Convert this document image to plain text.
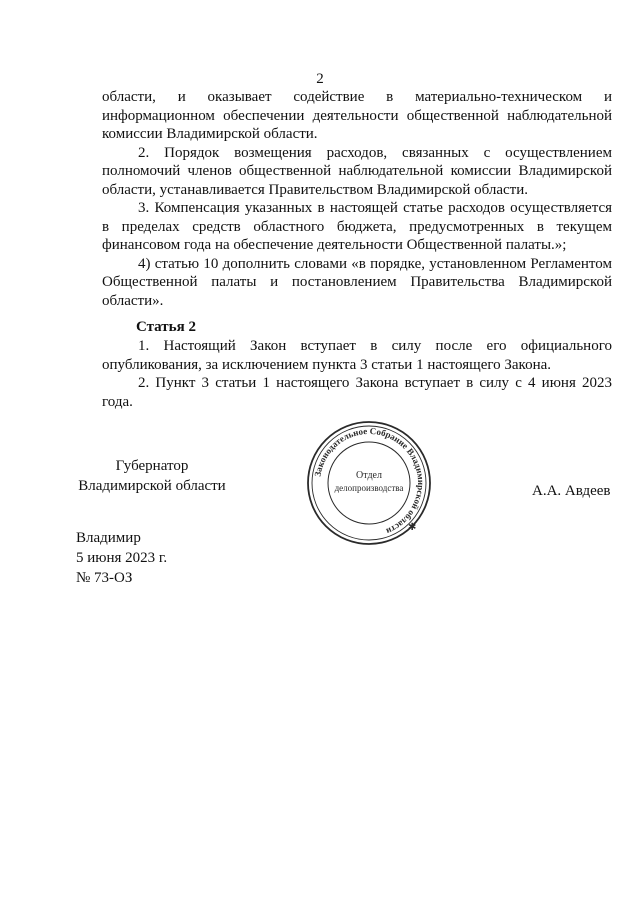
2

области, и оказывает содействие в материально-техническом и информационном обеспечении деятельности общественной наблюдательной комиссии Владимирской области.

2. Порядок возмещения расходов, связанных с осуществлением полномочий членов общественной наблюдательной комиссии Владимирской области, устанавливается Правительством Владимирской области.

3. Компенсация указанных в настоящей статье расходов осуществляется в пределах средств областного бюджета, предусмотренных в текущем финансовом года на обеспечение деятельности Общественной палаты.»;

4) статью 10 дополнить словами «в порядке, установленном Регламентом Общественной палаты и постановлением Правительства Владимирской области».

Статья 2

1. Настоящий Закон вступает в силу после его официального опубликования, за исключением пункта 3 статьи 1 настоящего Закона.

2. Пункт 3 статьи 1 настоящего Закона вступает в силу с 4 июня 2023 года.

Губернатор
Владимирской области
Законодательное Собрание Владимирской области	✱
Отдел
делопроизводства	А.А. Авдеев
Владимир
5 июня 2023 г.
№ 73-ОЗ
